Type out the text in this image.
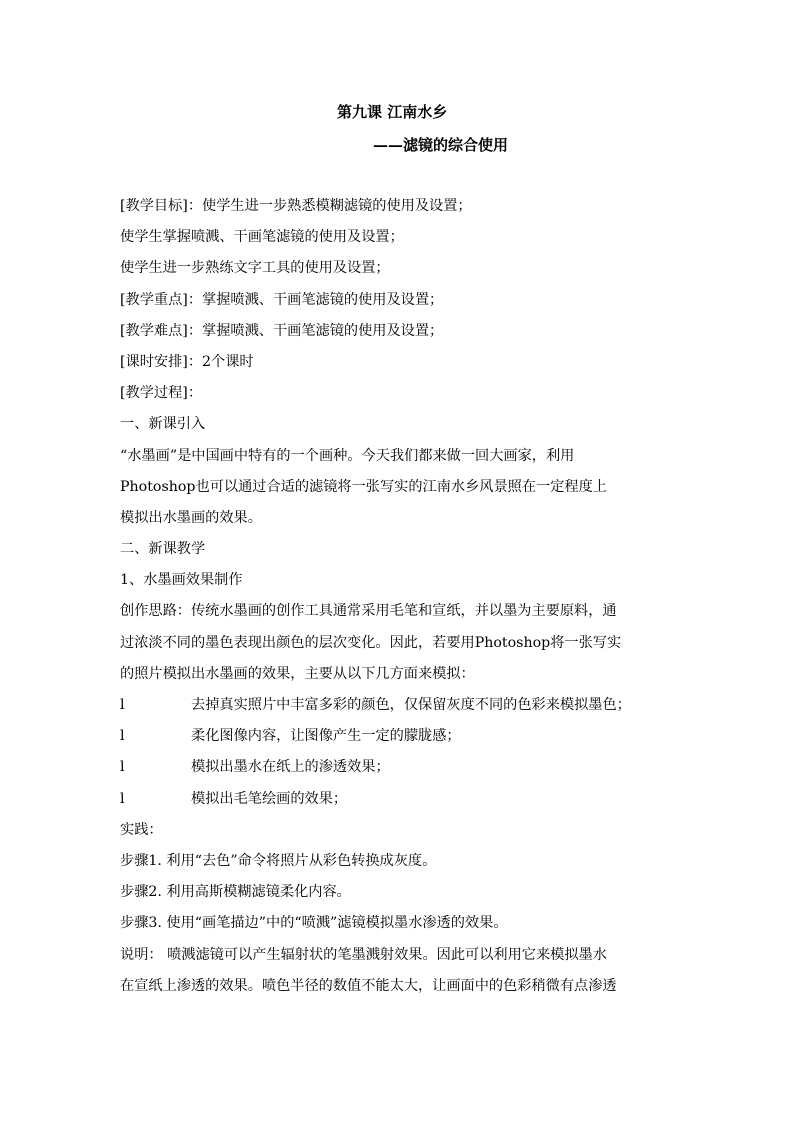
第九课 江南水乡
——滤镜的综合使用
[教学目标]：使学生进一步熟悉模糊滤镜的使用及设置；
使学生掌握喷溅、干画笔滤镜的使用及设置；
使学生进一步熟练文字工具的使用及设置；
[教学重点]：掌握喷溅、干画笔滤镜的使用及设置；
[教学难点]：掌握喷溅、干画笔滤镜的使用及设置；
[课时安排]：2个课时
[教学过程]：
一、新课引入
“水墨画”是中国画中特有的一个画种。今天我们都来做一回大画家，利用
Photoshop也可以通过合适的滤镜将一张写实的江南水乡风景照在一定程度上
模拟出水墨画的效果。
二、新课教学
1、水墨画效果制作
创作思路：传统水墨画的创作工具通常采用毛笔和宣纸，并以墨为主要原料，通
过浓淡不同的墨色表现出颜色的层次变化。因此，若要用Photoshop将一张写实
的照片模拟出水墨画的效果，主要从以下几方面来模拟：
l	去掉真实照片中丰富多彩的颜色，仅保留灰度不同的色彩来模拟墨色；
l	柔化图像内容，让图像产生一定的朦胧感；
l	模拟出墨水在纸上的渗透效果；
l	模拟出毛笔绘画的效果；
实践：
步骤1. 利用“去色”命令将照片从彩色转换成灰度。
步骤2. 利用高斯模糊滤镜柔化内容。
步骤3. 使用“画笔描边”中的“喷溅”滤镜模拟墨水渗透的效果。
说明： 喷溅滤镜可以产生辐射状的笔墨溅射效果。因此可以利用它来模拟墨水
在宣纸上渗透的效果。喷色半径的数值不能太大，让画面中的色彩稍微有点渗透
